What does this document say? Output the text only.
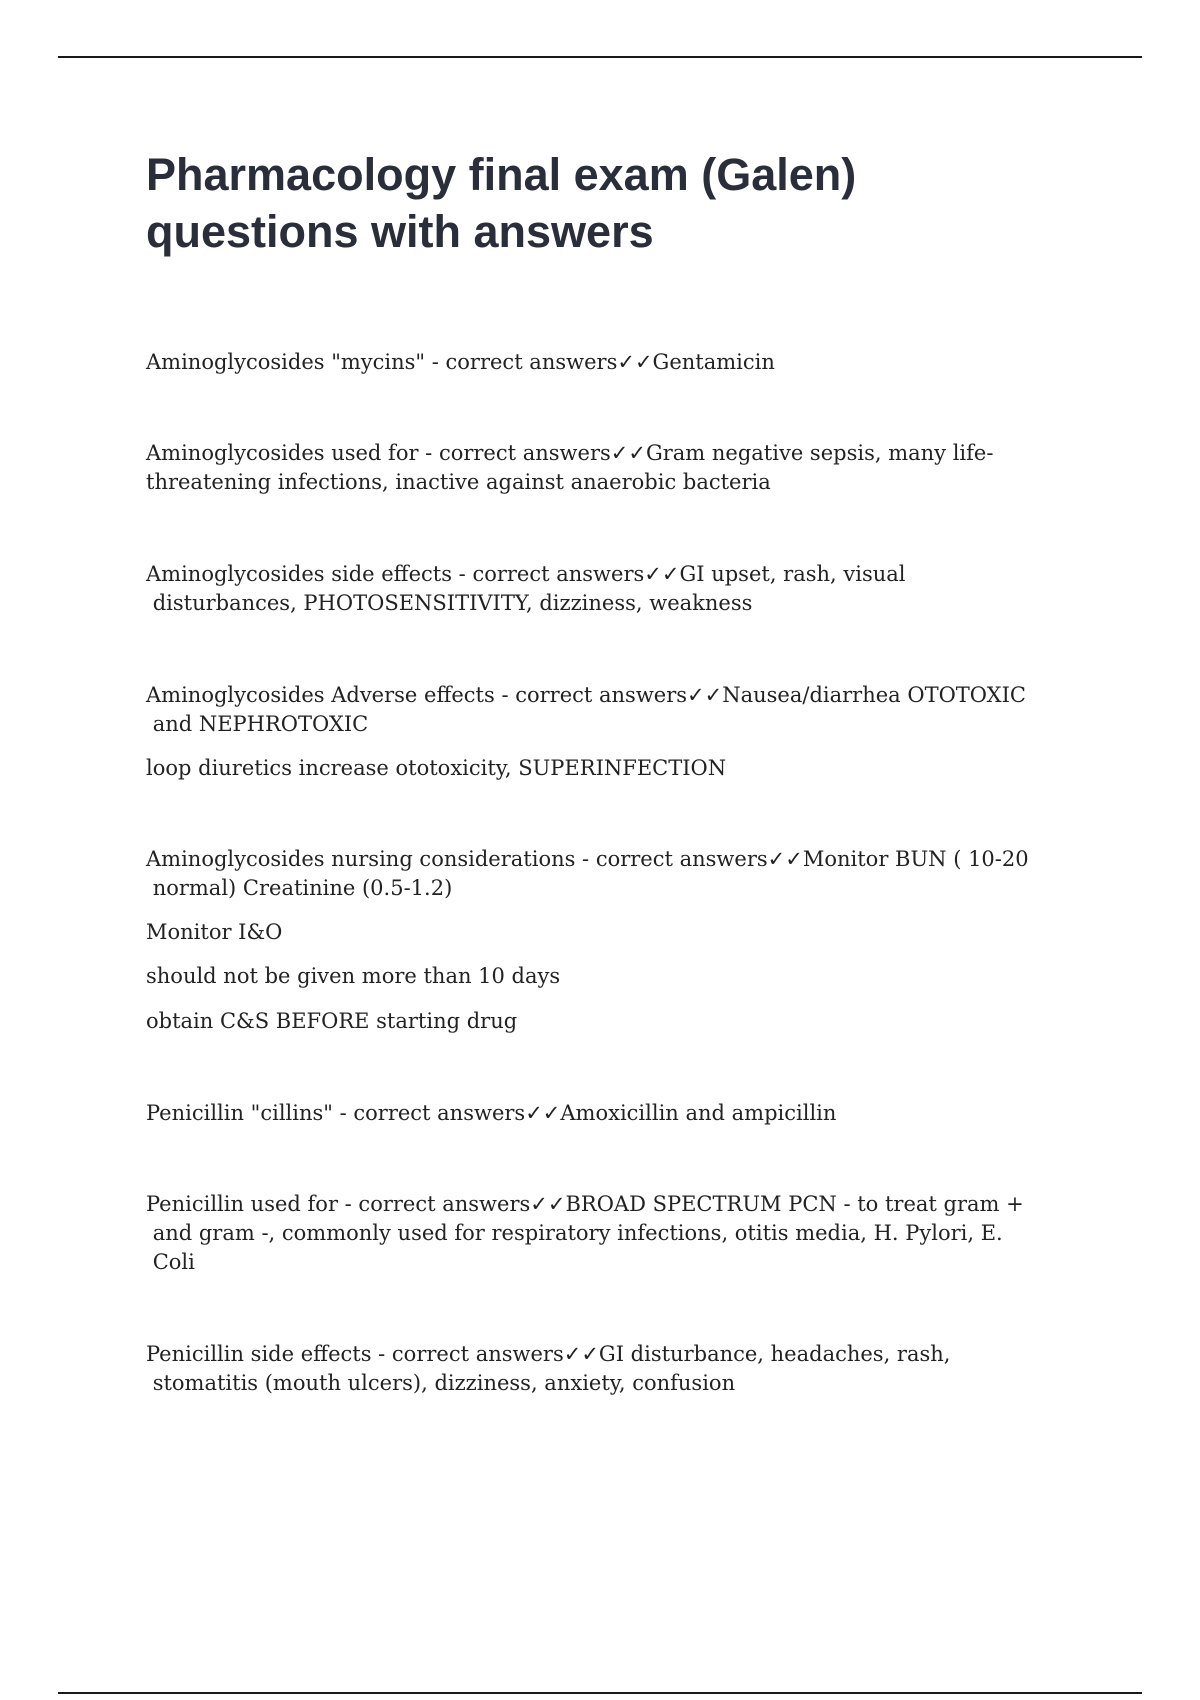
Pharmacology final exam (Galen)
questions with answers

Aminoglycosides "mycins" - correct answers✓✓Gentamicin

Aminoglycosides used for - correct answers✓✓Gram negative sepsis, many life-
threatening infections, inactive against anaerobic bacteria

Aminoglycosides side effects - correct answers✓✓GI upset, rash, visual
disturbances, PHOTOSENSITIVITY, dizziness, weakness

Aminoglycosides Adverse effects - correct answers✓✓Nausea/diarrhea OTOTOXIC
and NEPHROTOXIC

loop diuretics increase ototoxicity, SUPERINFECTION

Aminoglycosides nursing considerations - correct answers✓✓Monitor BUN ( 10-20
normal) Creatinine (0.5-1.2)

Monitor I&O

should not be given more than 10 days

obtain C&S BEFORE starting drug

Penicillin "cillins" - correct answers✓✓Amoxicillin and ampicillin

Penicillin used for - correct answers✓✓BROAD SPECTRUM PCN - to treat gram +
and gram -, commonly used for respiratory infections, otitis media, H. Pylori, E.
Coli

Penicillin side effects - correct answers✓✓GI disturbance, headaches, rash,
stomatitis (mouth ulcers), dizziness, anxiety, confusion
